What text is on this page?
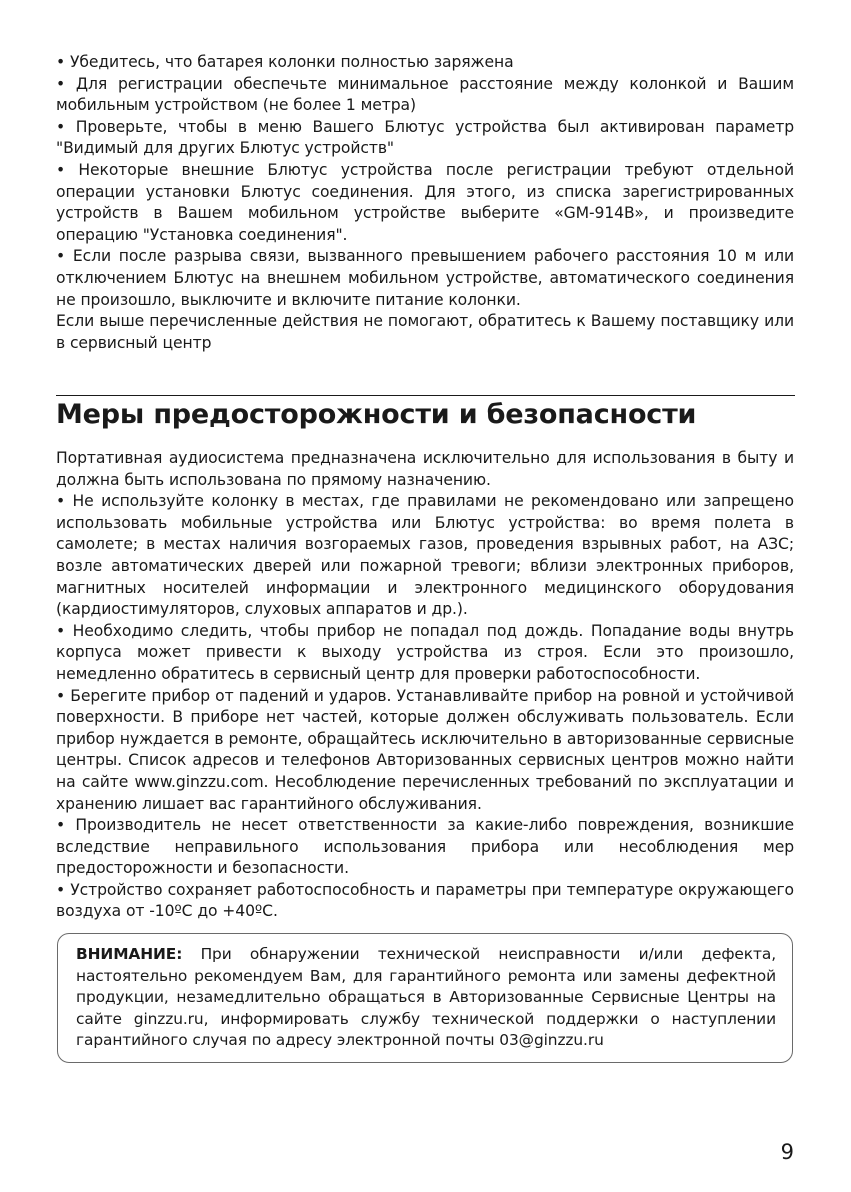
• Убедитесь, что батарея колонки полностью заряжена

• Для регистрации обеспечьте минимальное расстояние между колонкой и Вашим мобильным устройством (не более 1 метра)

• Проверьте, чтобы в меню Вашего Блютус устройства был активирован параметр "Видимый для других Блютус устройств"

• Некоторые внешние Блютус устройства после регистрации требуют отдельной операции установки Блютус соединения. Для этого, из списка зарегистрированных устройств в Вашем мобильном устройстве выберите «GM-914B», и произведите операцию "Установка соединения".

• Если после разрыва связи, вызванного превышением рабочего расстояния 10 м или отключением Блютус на внешнем мобильном устройстве, автоматического соединения не произошло, выключите и включите питание колонки.

Если выше перечисленные действия не помогают, обратитесь к Вашему поставщику или в сервисный центр

Меры предосторожности и безопасности

Портативная аудиосистема предназначена исключительно для использования в быту и должна быть использована по прямому назначению.

• Не используйте колонку в местах, где правилами не рекомендовано или запрещено использовать мобильные устройства или Блютус устройства: во время полета в самолете; в местах наличия возгораемых газов, проведения взрывных работ, на АЗС; возле автоматических дверей или пожарной тревоги; вблизи электронных приборов, магнитных носителей информации и электронного медицинского оборудования (кардиостимуляторов, слуховых аппаратов и др.).

• Необходимо следить, чтобы прибор не попадал под дождь. Попадание воды внутрь корпуса может привести к выходу устройства из строя. Если это произошло, немедленно обратитесь в сервисный центр для проверки работоспособности.

• Берегите прибор от падений и ударов. Устанавливайте прибор на ровной и устойчивой поверхности. В приборе нет частей, которые должен обслуживать пользователь. Если прибор нуждается в ремонте, обращайтесь исключительно в авторизованные сервисные центры. Список адресов и телефонов Авторизованных сервисных центров можно найти на сайте www.ginzzu.com. Несоблюдение перечисленных требований по эксплуатации и хранению лишает вас гарантийного обслуживания.

• Производитель не несет ответственности за какие-либо повреждения, возникшие вследствие неправильного использования прибора или несоблюдения мер предосторожности и безопасности.

• Устройство сохраняет работоспособность и параметры при температуре окружающего воздуха от -10ºC до +40ºC.

ВНИМАНИЕ: При обнаружении технической неисправности и/или дефекта, настоятельно рекомендуем Вам, для гарантийного ремонта или замены дефектной продукции, незамедлительно обращаться в Авторизованные Сервисные Центры на сайте ginzzu.ru, информировать службу технической поддержки о наступлении гарантийного случая по адресу электронной почты 03@ginzzu.ru

9
